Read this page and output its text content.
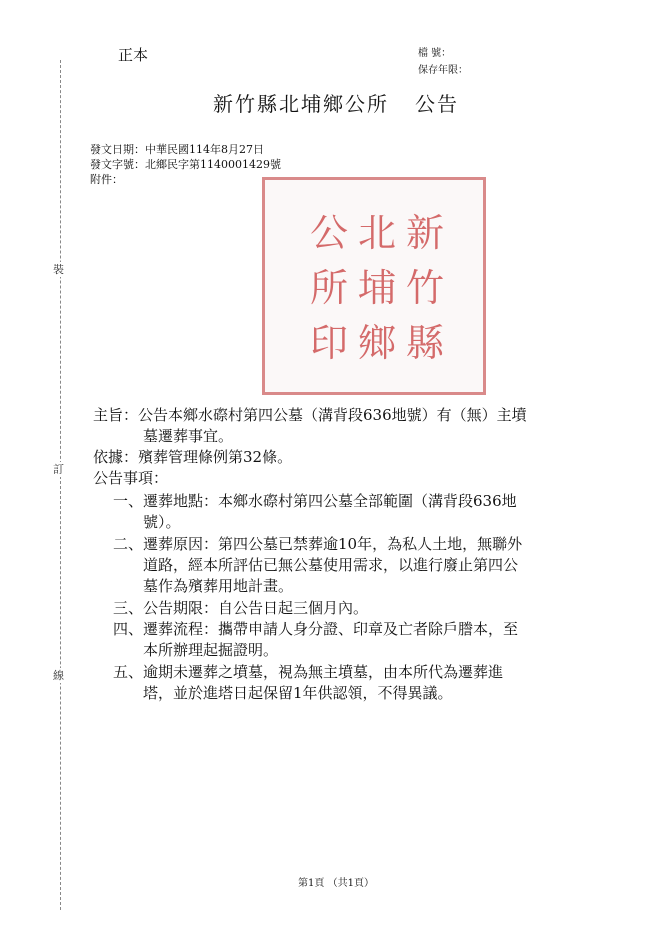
裝
訂
線
正本	檔 號：
保存年限：
新竹縣北埔鄉公所 公告
發文日期：中華民國114年8月27日
發文字號：北鄉民字第1140001429號
附件：
公 北 新
所 埔 竹
印 鄉 縣
主旨：公告本鄉水磜村第四公墓（溝背段636地號）有（無）主墳
墓遷葬事宜。
依據：殯葬管理條例第32條。
公告事項：
一、遷葬地點：本鄉水磜村第四公墓全部範圍（溝背段636地
號）。
二、遷葬原因：第四公墓已禁葬逾10年，為私人土地，無聯外
道路，經本所評估已無公墓使用需求，以進行廢止第四公
墓作為殯葬用地計畫。
三、公告期限：自公告日起三個月內。
四、遷葬流程：攜帶申請人身分證、印章及亡者除戶謄本，至
本所辦理起掘證明。
五、逾期未遷葬之墳墓，視為無主墳墓，由本所代為遷葬進
塔，並於進塔日起保留1年供認領，不得異議。
第1頁 （共1頁）
